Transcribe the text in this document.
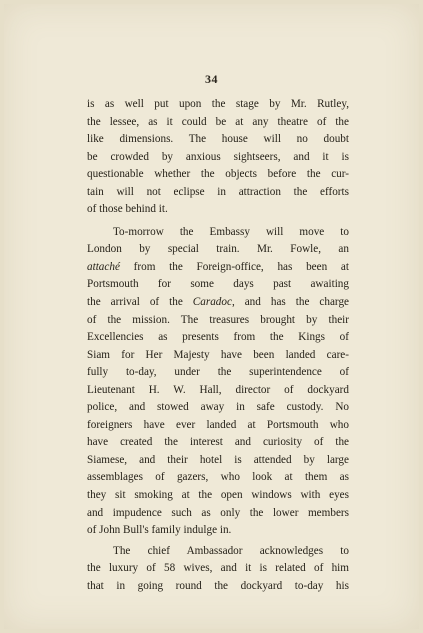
34
is as well put upon the stage by Mr. Rutley,
the lessee, as it could be at any theatre of the
like dimensions. The house will no doubt
be crowded by anxious sightseers, and it is
questionable whether the objects before the cur-
tain will not eclipse in attraction the efforts
of those behind it.
To-morrow the Embassy will move to
London by special train. Mr. Fowle, an
attaché from the Foreign-office, has been at
Portsmouth for some days past awaiting
the arrival of the Caradoc, and has the charge
of the mission. The treasures brought by their
Excellencies as presents from the Kings of
Siam for Her Majesty have been landed care-
fully to-day, under the superintendence of
Lieutenant H. W. Hall, director of dockyard
police, and stowed away in safe custody. No
foreigners have ever landed at Portsmouth who
have created the interest and curiosity of the
Siamese, and their hotel is attended by large
assemblages of gazers, who look at them as
they sit smoking at the open windows with eyes
and impudence such as only the lower members
of John Bull's family indulge in.
The chief Ambassador acknowledges to
the luxury of 58 wives, and it is related of him
that in going round the dockyard to-day his
